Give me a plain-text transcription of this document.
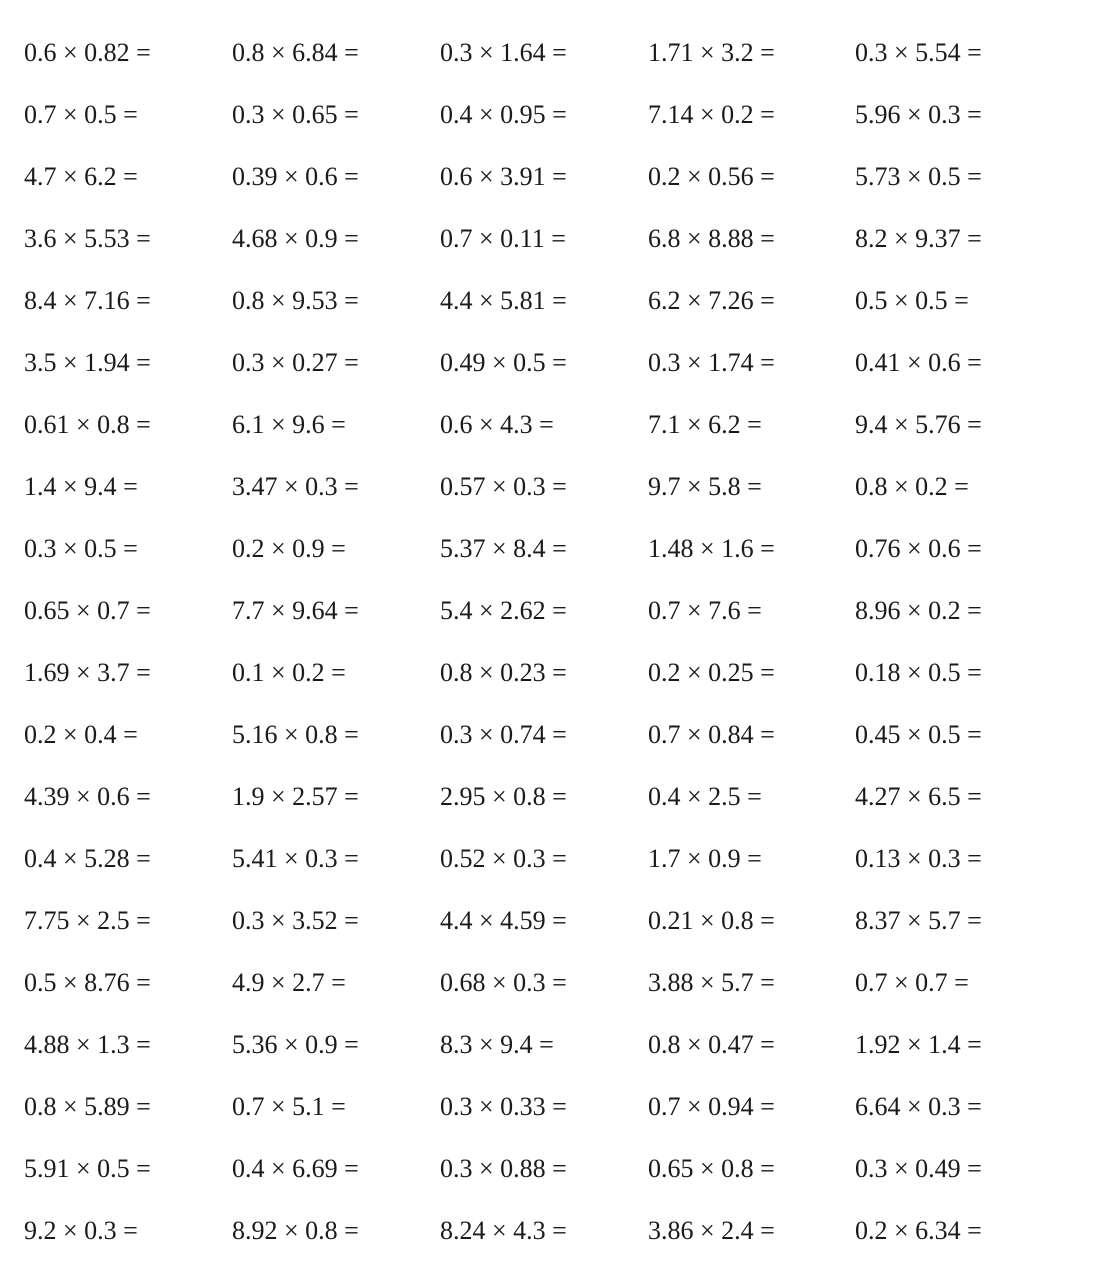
0.6 × 0.82 =	0.8 × 6.84 =	0.3 × 1.64 =	1.71 × 3.2 =	0.3 × 5.54 =
0.7 × 0.5 =	0.3 × 0.65 =	0.4 × 0.95 =	7.14 × 0.2 =	5.96 × 0.3 =
4.7 × 6.2 =	0.39 × 0.6 =	0.6 × 3.91 =	0.2 × 0.56 =	5.73 × 0.5 =
3.6 × 5.53 =	4.68 × 0.9 =	0.7 × 0.11 =	6.8 × 8.88 =	8.2 × 9.37 =
8.4 × 7.16 =	0.8 × 9.53 =	4.4 × 5.81 =	6.2 × 7.26 =	0.5 × 0.5 =
3.5 × 1.94 =	0.3 × 0.27 =	0.49 × 0.5 =	0.3 × 1.74 =	0.41 × 0.6 =
0.61 × 0.8 =	6.1 × 9.6 =	0.6 × 4.3 =	7.1 × 6.2 =	9.4 × 5.76 =
1.4 × 9.4 =	3.47 × 0.3 =	0.57 × 0.3 =	9.7 × 5.8 =	0.8 × 0.2 =
0.3 × 0.5 =	0.2 × 0.9 =	5.37 × 8.4 =	1.48 × 1.6 =	0.76 × 0.6 =
0.65 × 0.7 =	7.7 × 9.64 =	5.4 × 2.62 =	0.7 × 7.6 =	8.96 × 0.2 =
1.69 × 3.7 =	0.1 × 0.2 =	0.8 × 0.23 =	0.2 × 0.25 =	0.18 × 0.5 =
0.2 × 0.4 =	5.16 × 0.8 =	0.3 × 0.74 =	0.7 × 0.84 =	0.45 × 0.5 =
4.39 × 0.6 =	1.9 × 2.57 =	2.95 × 0.8 =	0.4 × 2.5 =	4.27 × 6.5 =
0.4 × 5.28 =	5.41 × 0.3 =	0.52 × 0.3 =	1.7 × 0.9 =	0.13 × 0.3 =
7.75 × 2.5 =	0.3 × 3.52 =	4.4 × 4.59 =	0.21 × 0.8 =	8.37 × 5.7 =
0.5 × 8.76 =	4.9 × 2.7 =	0.68 × 0.3 =	3.88 × 5.7 =	0.7 × 0.7 =
4.88 × 1.3 =	5.36 × 0.9 =	8.3 × 9.4 =	0.8 × 0.47 =	1.92 × 1.4 =
0.8 × 5.89 =	0.7 × 5.1 =	0.3 × 0.33 =	0.7 × 0.94 =	6.64 × 0.3 =
5.91 × 0.5 =	0.4 × 6.69 =	0.3 × 0.88 =	0.65 × 0.8 =	0.3 × 0.49 =
9.2 × 0.3 =	8.92 × 0.8 =	8.24 × 4.3 =	3.86 × 2.4 =	0.2 × 6.34 =
